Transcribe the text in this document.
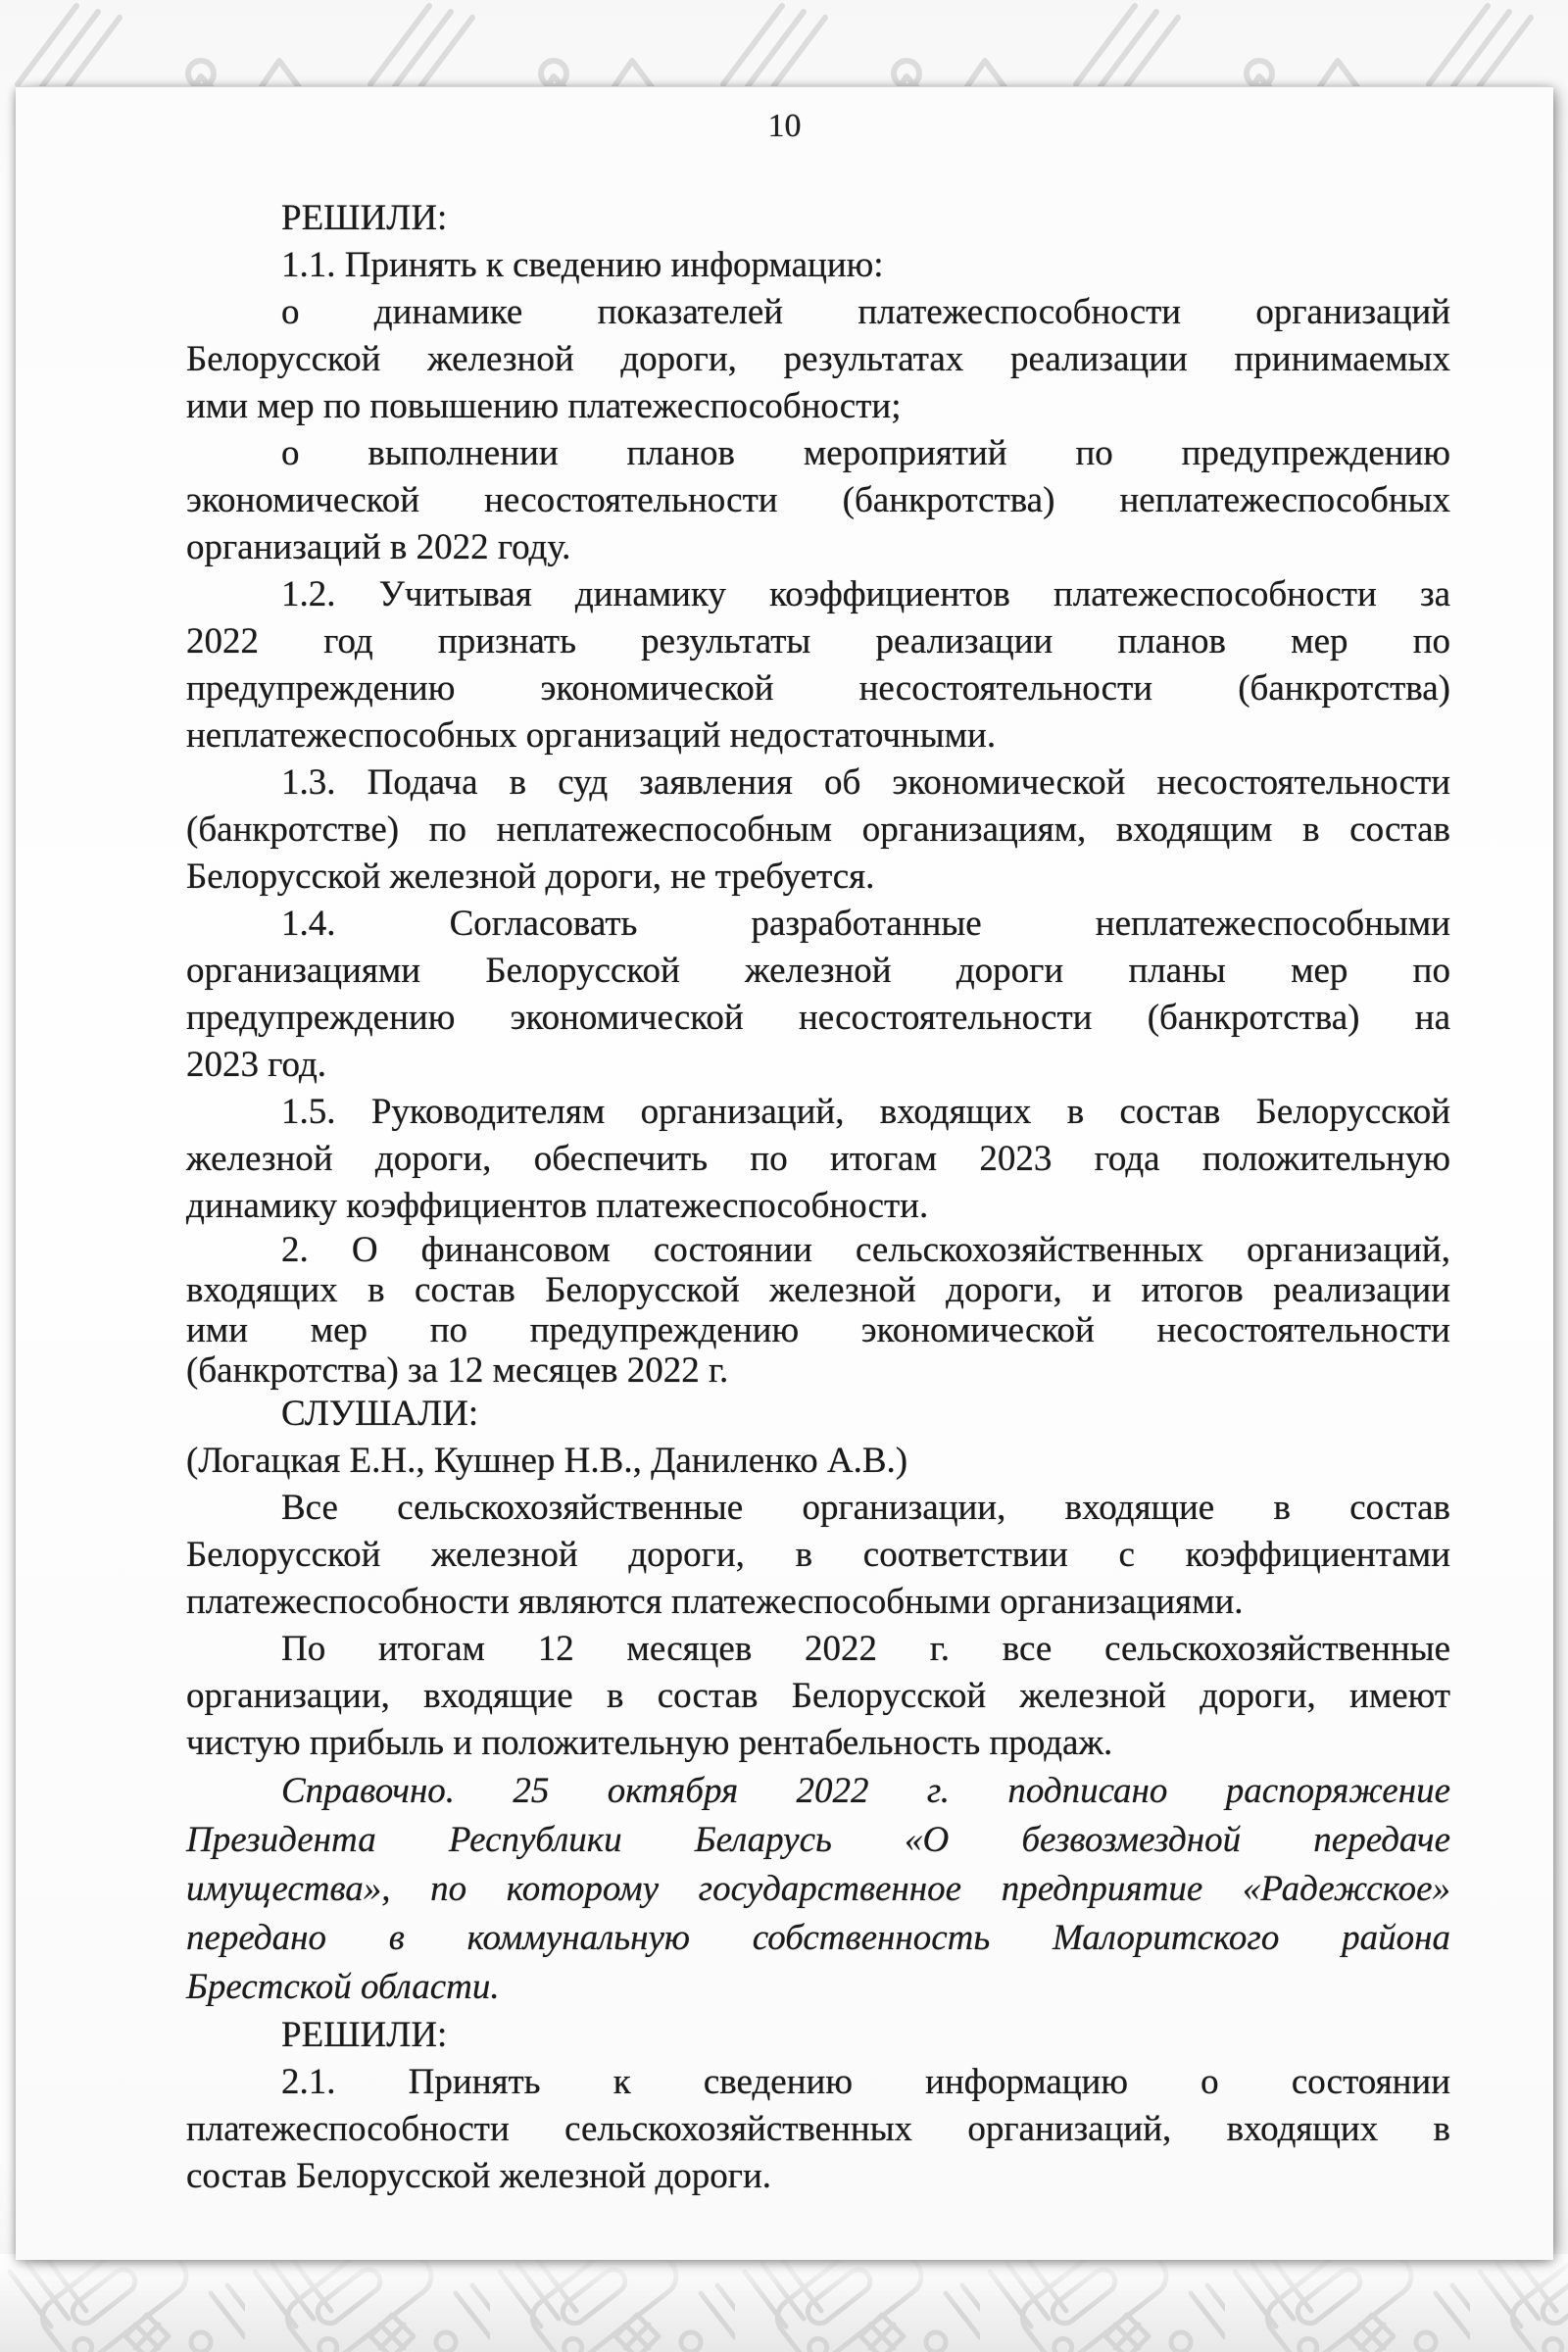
10
РЕШИЛИ:
1.1. Принять к сведению информацию:
о динамике показателей платежеспособности организаций
Белорусской железной дороги, результатах реализации принимаемых
ими мер по повышению платежеспособности;
о выполнении планов мероприятий по предупреждению
экономической несостоятельности (банкротства) неплатежеспособных
организаций в 2022 году.
1.2. Учитывая динамику коэффициентов платежеспособности за
2022 год признать результаты реализации планов мер по
предупреждению экономической несостоятельности (банкротства)
неплатежеспособных организаций недостаточными.
1.3. Подача в суд заявления об экономической несостоятельности
(банкротстве) по неплатежеспособным организациям, входящим в состав
Белорусской железной дороги, не требуется.
1.4. Согласовать разработанные неплатежеспособными
организациями Белорусской железной дороги планы мер по
предупреждению экономической несостоятельности (банкротства) на
2023 год.
1.5. Руководителям организаций, входящих в состав Белорусской
железной дороги, обеспечить по итогам 2023 года положительную
динамику коэффициентов платежеспособности.
2. О финансовом состоянии сельскохозяйственных организаций,
входящих в состав Белорусской железной дороги, и итогов реализации
ими мер по предупреждению экономической несостоятельности
(банкротства) за 12 месяцев 2022 г.
СЛУШАЛИ:
(Логацкая Е.Н., Кушнер Н.В., Даниленко А.В.)
Все сельскохозяйственные организации, входящие в состав
Белорусской железной дороги, в соответствии с коэффициентами
платежеспособности являются платежеспособными организациями.
По итогам 12 месяцев 2022 г. все сельскохозяйственные
организации, входящие в состав Белорусской железной дороги, имеют
чистую прибыль и положительную рентабельность продаж.
Справочно. 25 октября 2022 г. подписано распоряжение
Президента Республики Беларусь «О безвозмездной передаче
имущества», по которому государственное предприятие «Радежское»
передано в коммунальную собственность Малоритского района
Брестской области.
РЕШИЛИ:
2.1. Принять к сведению информацию о состоянии
платежеспособности сельскохозяйственных организаций, входящих в
состав Белорусской железной дороги.
